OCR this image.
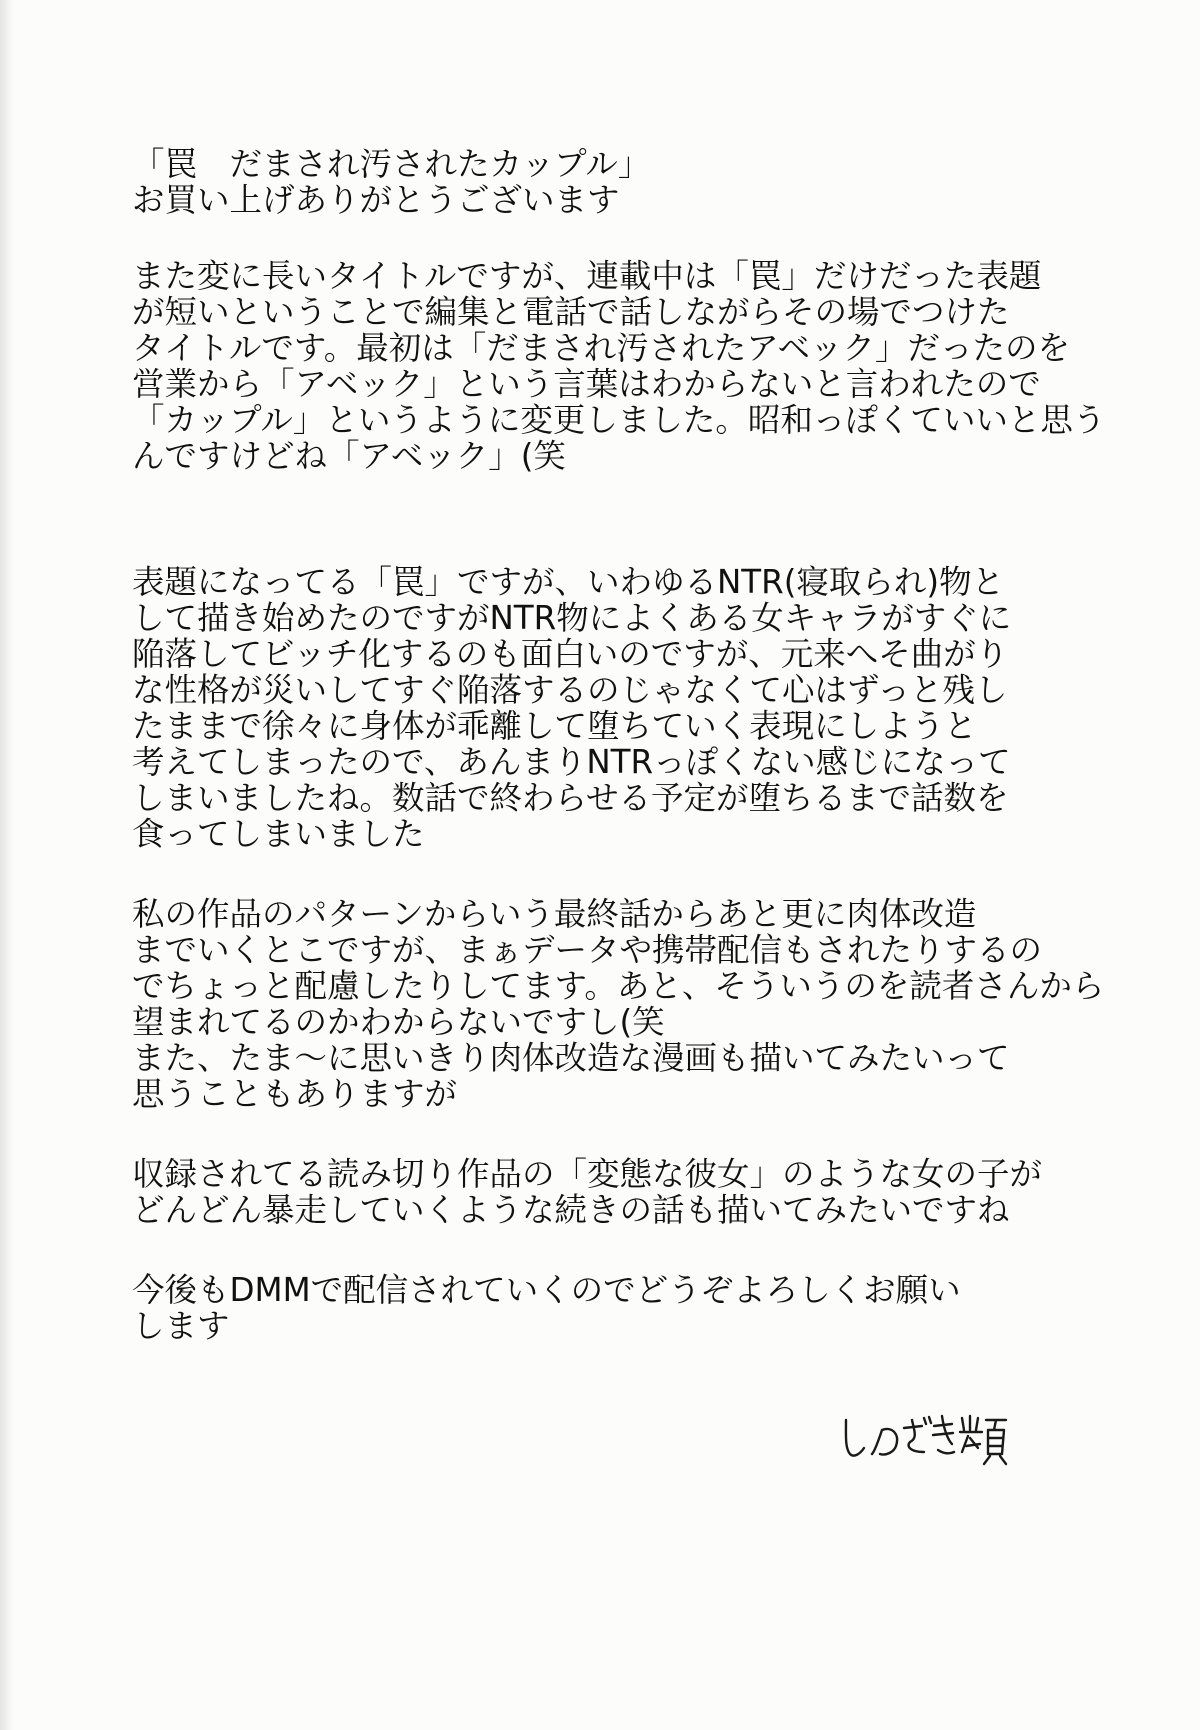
「罠　だまされ汚されたカップル」
お買い上げありがとうございます
また変に長いタイトルですが、連載中は「罠」だけだった表題
が短いということで編集と電話で話しながらその場でつけた
タイトルです。最初は「だまされ汚されたアベック」だったのを
営業から「アベック」という言葉はわからないと言われたので
「カップル」というように変更しました。昭和っぽくていいと思う
んですけどね「アベック」(笑
表題になってる「罠」ですが、いわゆるNTR(寝取られ)物と
して描き始めたのですがNTR物によくある女キャラがすぐに
陥落してビッチ化するのも面白いのですが、元来へそ曲がり
な性格が災いしてすぐ陥落するのじゃなくて心はずっと残し
たままで徐々に身体が乖離して堕ちていく表現にしようと
考えてしまったので、あんまりNTRっぽくない感じになって
しまいましたね。数話で終わらせる予定が堕ちるまで話数を
食ってしまいました
私の作品のパターンからいう最終話からあと更に肉体改造
までいくとこですが、まぁデータや携帯配信もされたりするの
でちょっと配慮したりしてます。あと、そういうのを読者さんから
望まれてるのかわからないですし(笑
また、たま〜に思いきり肉体改造な漫画も描いてみたいって
思うこともありますが
収録されてる読み切り作品の「変態な彼女」のような女の子が
どんどん暴走していくような続きの話も描いてみたいですね
今後もDMMで配信されていくのでどうぞよろしくお願い
します
